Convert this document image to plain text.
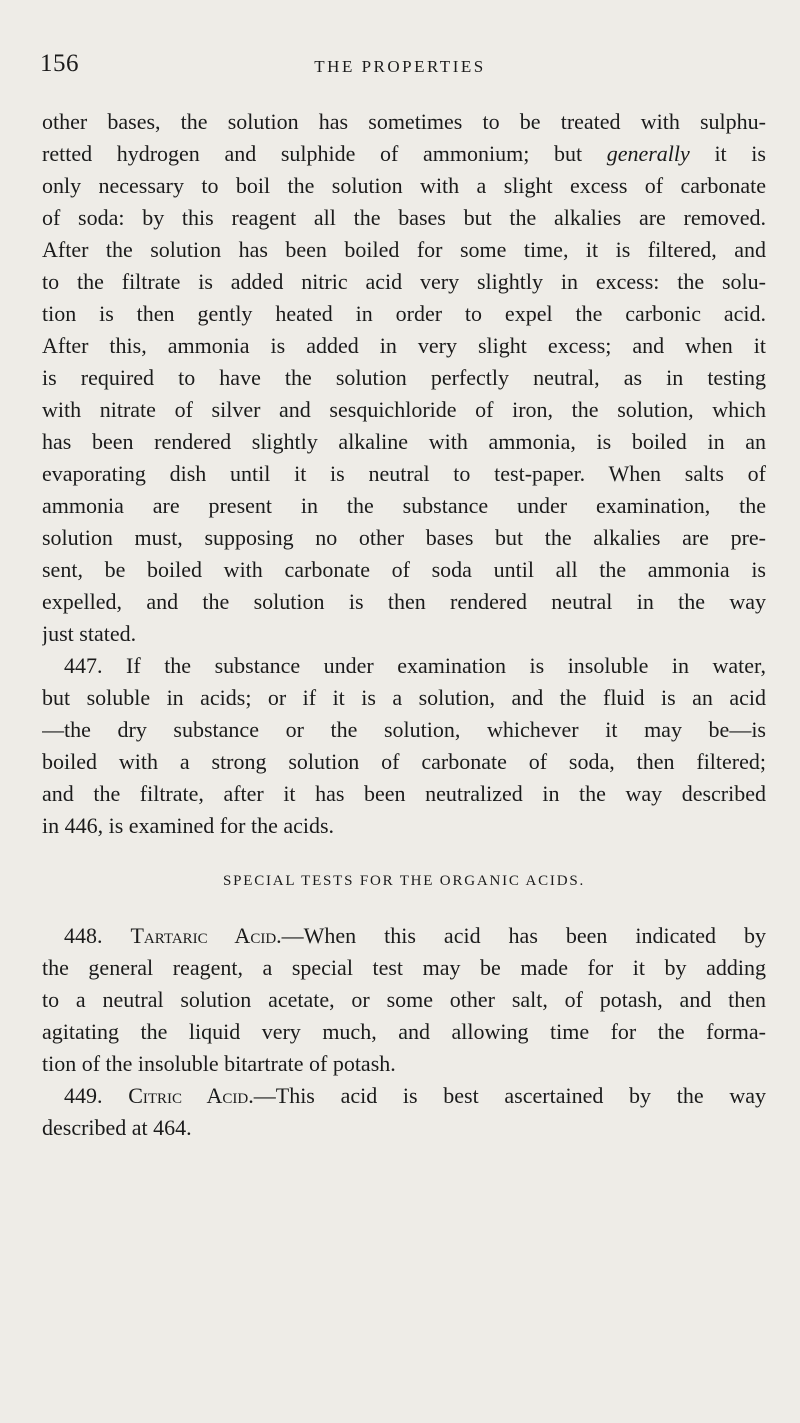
156	THE PROPERTIES
other bases, the solution has sometimes to be treated with sulphu-
retted hydrogen and sulphide of ammonium; but generally it is
only necessary to boil the solution with a slight excess of carbonate
of soda: by this reagent all the bases but the alkalies are removed.
After the solution has been boiled for some time, it is filtered, and
to the filtrate is added nitric acid very slightly in excess: the solu-
tion is then gently heated in order to expel the carbonic acid.
After this, ammonia is added in very slight excess; and when it
is required to have the solution perfectly neutral, as in testing
with nitrate of silver and sesquichloride of iron, the solution, which
has been rendered slightly alkaline with ammonia, is boiled in an
evaporating dish until it is neutral to test-paper. When salts of
ammonia are present in the substance under examination, the
solution must, supposing no other bases but the alkalies are pre-
sent, be boiled with carbonate of soda until all the ammonia is
expelled, and the solution is then rendered neutral in the way
just stated.
447. If the substance under examination is insoluble in water,
but soluble in acids; or if it is a solution, and the fluid is an acid
—the dry substance or the solution, whichever it may be—is
boiled with a strong solution of carbonate of soda, then filtered;
and the filtrate, after it has been neutralized in the way described
in 446, is examined for the acids.
SPECIAL TESTS FOR THE ORGANIC ACIDS.
448. Tartaric Acid.—When this acid has been indicated by
the general reagent, a special test may be made for it by adding
to a neutral solution acetate, or some other salt, of potash, and then
agitating the liquid very much, and allowing time for the forma-
tion of the insoluble bitartrate of potash.
449. Citric Acid.—This acid is best ascertained by the way
described at 464.
